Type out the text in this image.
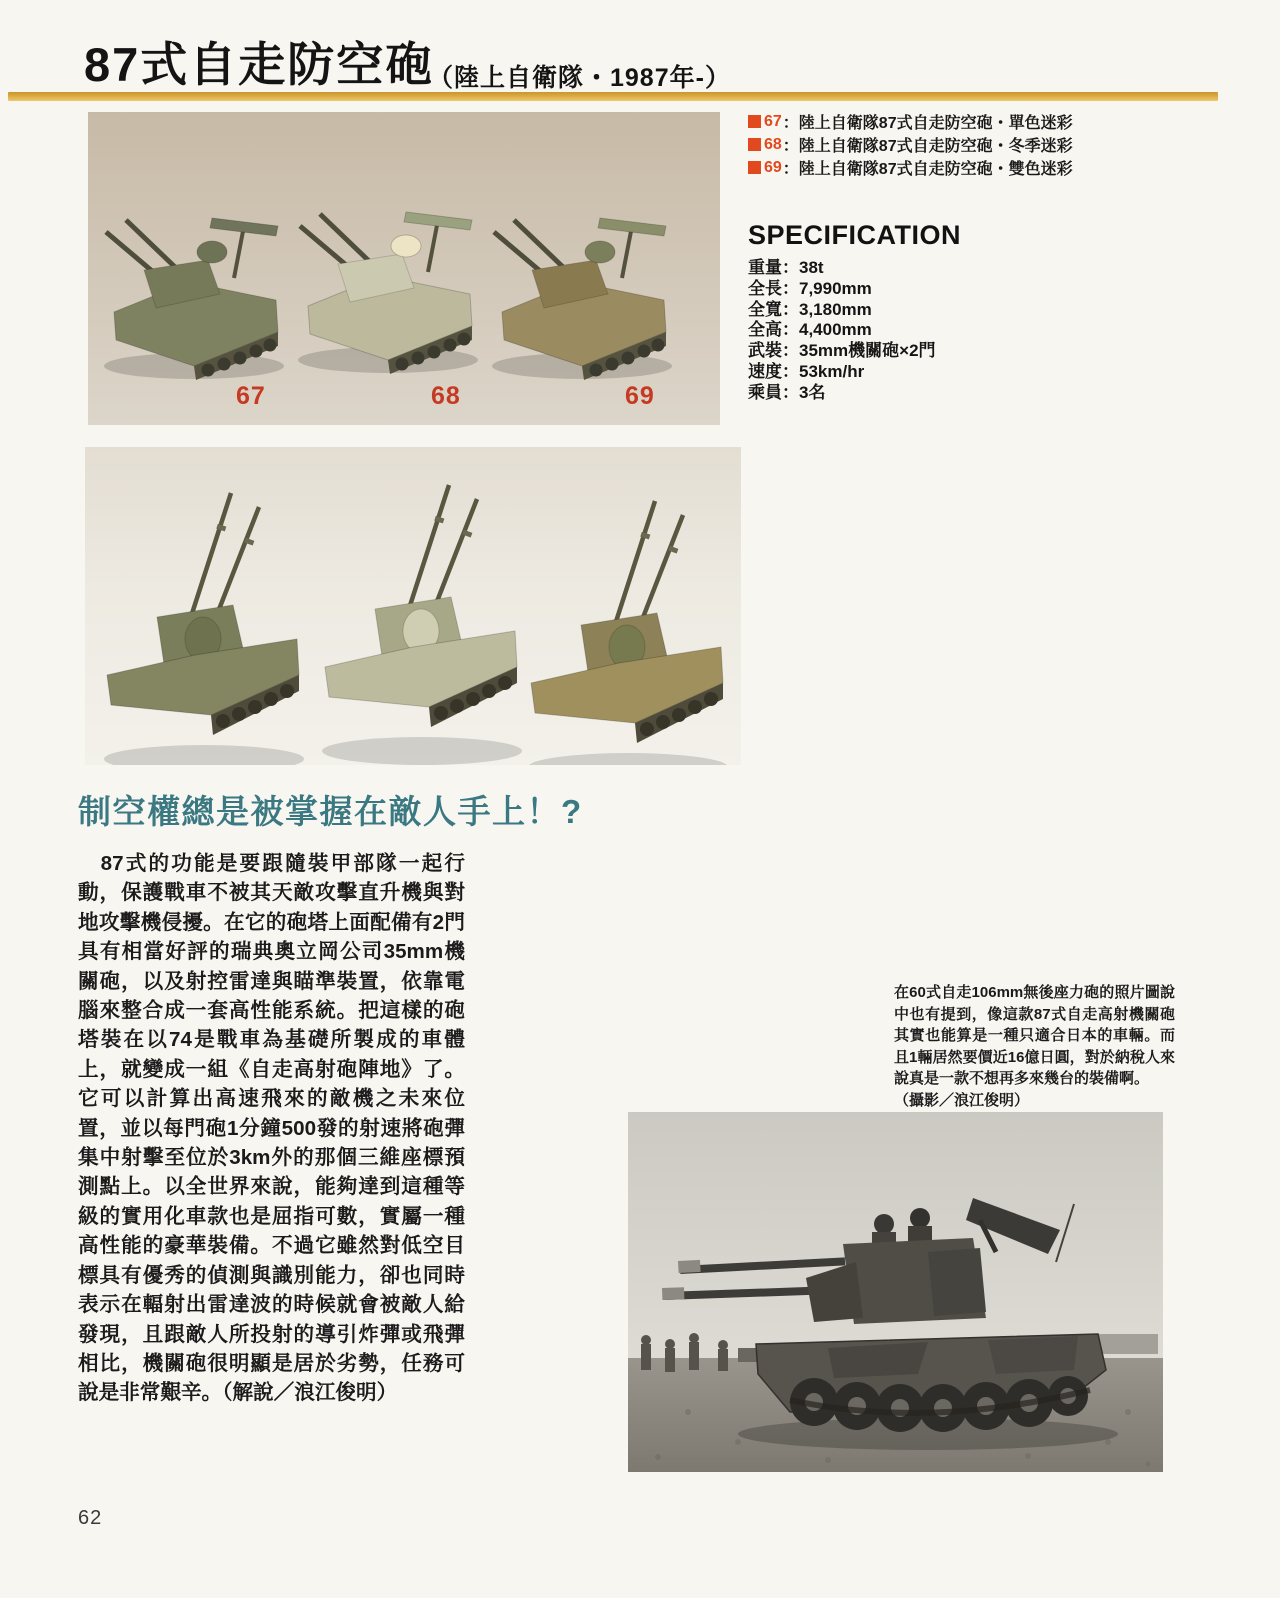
87式自走防空砲
（陸上自衛隊・1987年-）
67	68	69
67 ：陸上自衛隊87式自走防空砲・單色迷彩
68 ：陸上自衛隊87式自走防空砲・冬季迷彩
69 ：陸上自衛隊87式自走防空砲・雙色迷彩
SPECIFICATION
重量：38t
全長：7,990mm
全寬：3,180mm
全高：4,400mm
武裝：35mm機關砲×2門
速度：53km/hr
乘員：3名
制空權總是被掌握在敵人手上！?

87式的功能是要跟隨裝甲部隊一起行動，保護戰車不被其天敵攻擊直升機與對地攻擊機侵擾。在它的砲塔上面配備有2門具有相當好評的瑞典奧立岡公司35mm機關砲，以及射控雷達與瞄準裝置，依靠電腦來整合成一套高性能系統。把這樣的砲塔裝在以74是戰車為基礎所製成的車體上，就變成一組《自走高射砲陣地》了。它可以計算出高速飛來的敵機之未來位置，並以每門砲1分鐘500發的射速將砲彈集中射擊至位於3km外的那個三維座標預測點上。以全世界來說，能夠達到這種等級的實用化車款也是屈指可數，實屬一種高性能的豪華裝備。不過它雖然對低空目標具有優秀的偵測與識別能力，卻也同時表示在輻射出雷達波的時候就會被敵人給發現，且跟敵人所投射的導引炸彈或飛彈相比，機關砲很明顯是居於劣勢，任務可說是非常艱辛。（解說／浪江俊明）

在60式自走106mm無後座力砲的照片圖說中也有提到，像這款87式自走高射機關砲其實也能算是一種只適合日本的車輛。而且1輛居然要價近16億日圓，對於納稅人來說真是一款不想再多來幾台的裝備啊。

（攝影／浪江俊明）

62
